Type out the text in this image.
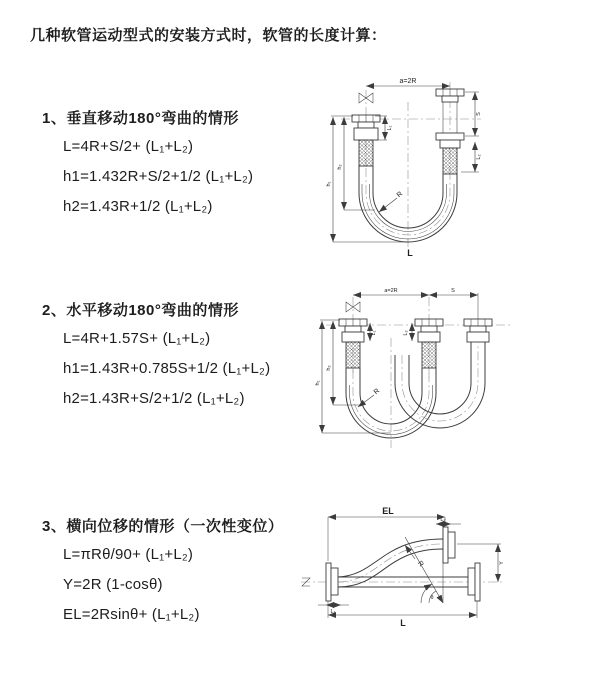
几种软管运动型式的安装方式时，软管的长度计算：
1、垂直移动180°弯曲的情形
L=4R+S/2+ (L₁+L₂)
h1=1.432R+S/2+1/2 (L₁+L₂)
h2=1.43R+1/2 (L₁+L₂)
2、水平移动180°弯曲的情形
L=4R+1.57S+ (L₁+L₂)
h1=1.43R+0.785S+1/2 (L₁+L₂)
h2=1.43R+S/2+1/2 (L₁+L₂)
3、横向位移的情形（一次性变位）
L=πRθ/90+ (L₁+L₂)
Y=2R (1-cosθ)
EL=2Rsinθ+ (L₁+L₂)
a=2R
h₁
h₂
L₁
S
L₂
R
L
a=2R	S
h₁
h₂
L₁	L₂
R
θ
EL
L₂
Y
L
L₁
R
